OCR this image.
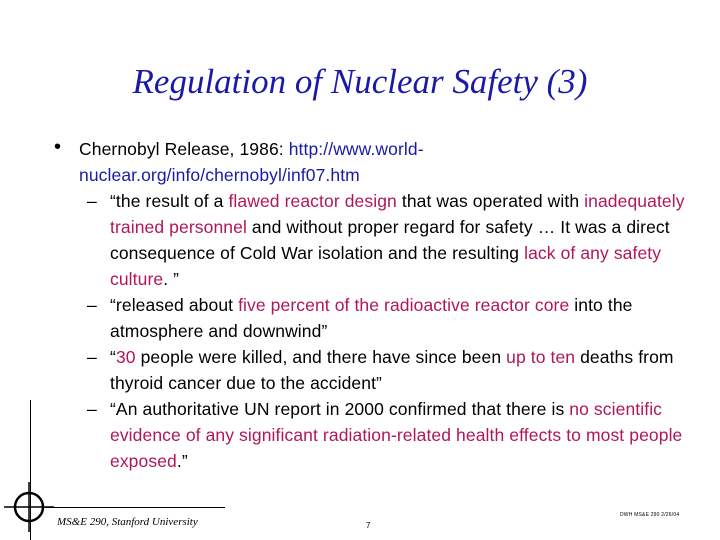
Regulation of Nuclear Safety (3)
• Chernobyl Release, 1986: http://www.world-
nuclear.org/info/chernobyl/inf07.htm
– “the result of a flawed reactor design that was operated with inadequately trained personnel and without proper regard for safety … It was a direct consequence of Cold War isolation and the resulting lack of any safety culture. ”
– “released about five percent of the radioactive reactor core into the atmosphere and downwind”
– “30 people were killed, and there have since been up to ten deaths from thyroid cancer due to the accident”
– “An authoritative UN report in 2000 confirmed that there is no scientific evidence of any significant radiation-related health effects to most people exposed.”
MS&E 290, Stanford University	7
DWH MS&E 290 2/26/04
